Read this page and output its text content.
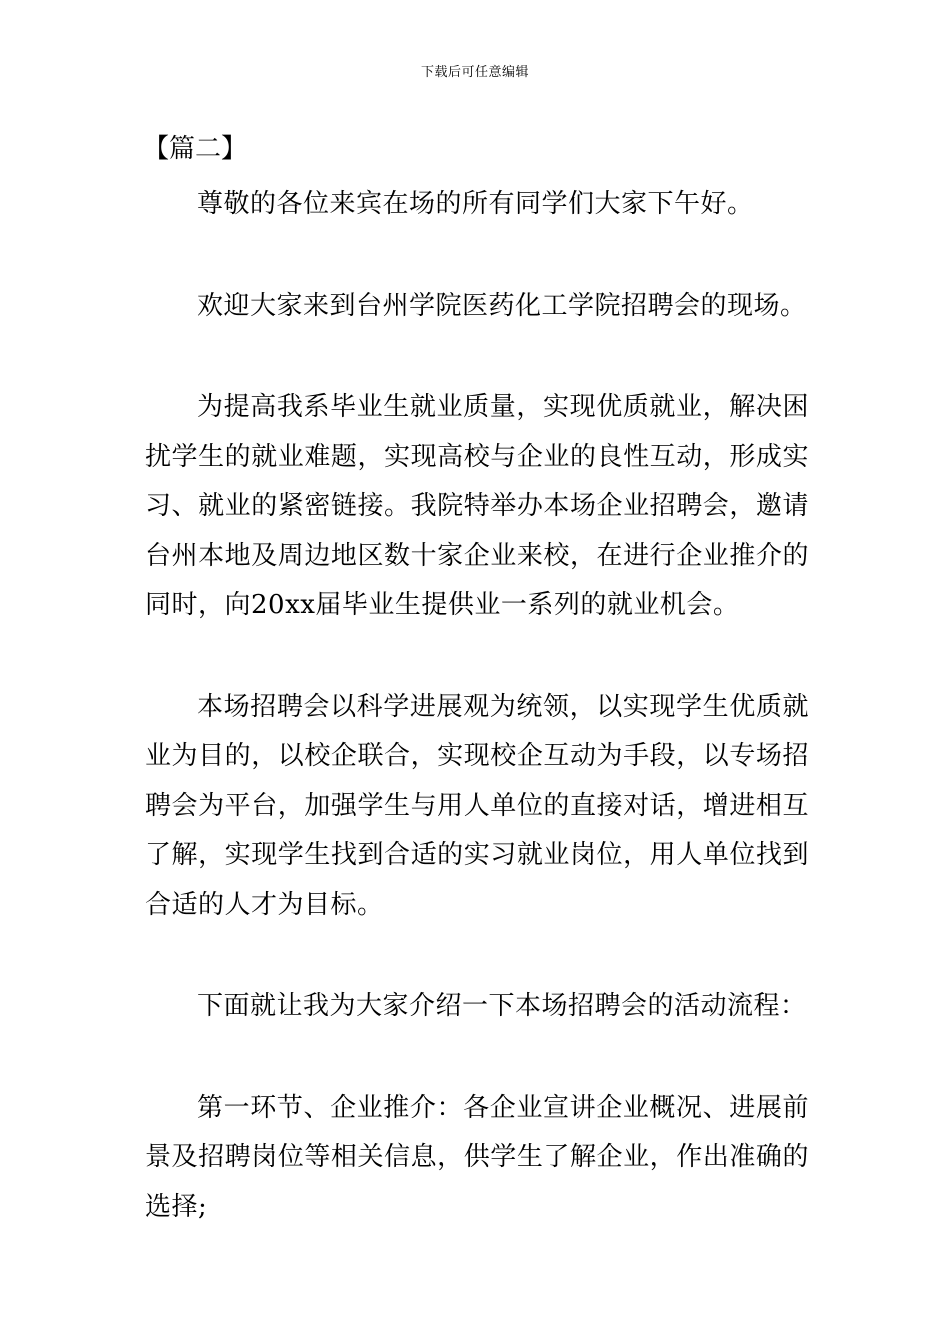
下载后可任意编辑
【篇二】

尊敬的各位来宾在场的所有同学们大家下午好。

欢迎大家来到台州学院医药化工学院招聘会的现场。

为提高我系毕业生就业质量，实现优质就业，解决困扰学生的就业难题，实现高校与企业的良性互动，形成实习、就业的紧密链接。我院特举办本场企业招聘会，邀请台州本地及周边地区数十家企业来校，在进行企业推介的同时，向20xx届毕业生提供业一系列的就业机会。

本场招聘会以科学进展观为统领，以实现学生优质就业为目的，以校企联合，实现校企互动为手段，以专场招聘会为平台，加强学生与用人单位的直接对话，增进相互了解，实现学生找到合适的实习就业岗位，用人单位找到合适的人才为目标。

下面就让我为大家介绍一下本场招聘会的活动流程：

第一环节、企业推介：各企业宣讲企业概况、进展前景及招聘岗位等相关信息，供学生了解企业，作出准确的选择;
